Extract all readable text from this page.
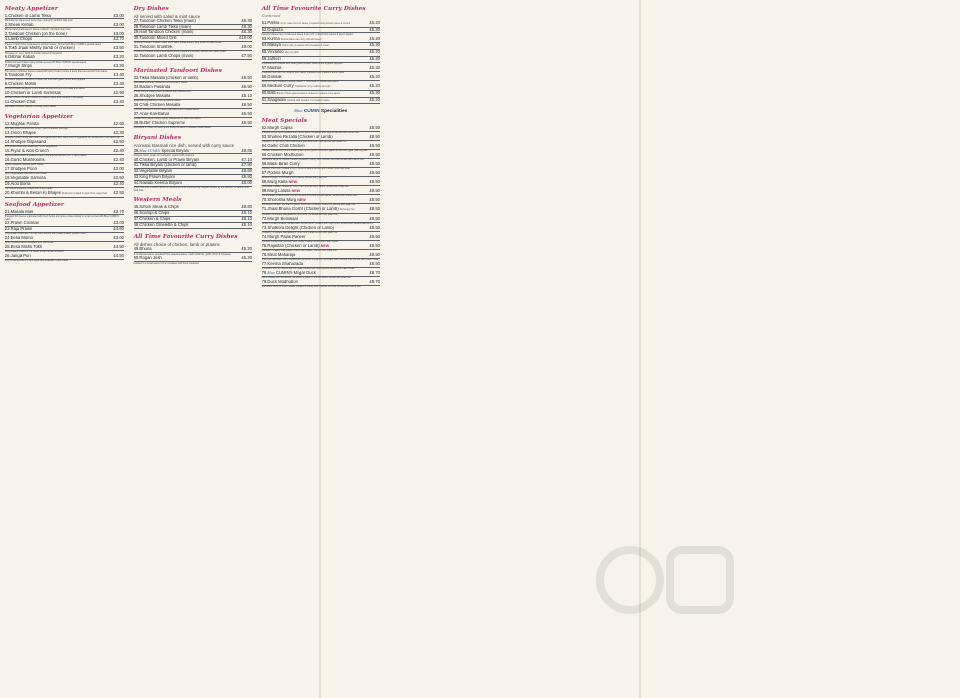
Meaty Appetizer
1.Chicken or Lamb Tikka	£3.00
Marinated in spices and herbs then cooked in tandoori clay oven
2.Sheek Kebab	£3.00
Minced lamb marinated in spices cooked in tandoori clay oven
3.Tandoori Chicken (on the bone)	£3.00
4.Lamb Chops	£3.70
Pieces of lamb chop marinated in tandoori sauce. Served with Blue CUMIN's special sauce
5.Tokh Jhaal Mishty (lamb or chicken)	£3.50
Hot sweet 'n' sour, lamb or chicken tossed in tamarind
6.Dilbhar Kabab	£3.20
Stuffed minced chicken spicy kebab served with Blue CUMIN's special sauce
7.Murgh Strips	£3.20
Thin strips of chicken pieces coated with spicy bread crumbs & deep fried served with mint sauce
8.Tandoori Fry	£3.40
Shredded pieces of tandoori chicken stir fried with garlic, onion and peppers
9.Chicken MoMo	£3.40
Minced chicken wrapped in soft bread served with crunchy salad and sauce
10.Chicken or Lamb Samosas	£2.90
Minced chicken or lamb cooked in medium spice and covered in filo pastry
11.Chicken Chat	£3.40
Marinated chicken tossed in a fruity, spicy sauce
Vegetarian Appetizer
12.Mughlai Parota	£2.60
Soft flaky pastry stuffed with onion, fresh coriander and egg
13.Onion Bhajee	£2.30
Chopped onion mixed with fresh herb spices and flour, deep fried in vegetable oil, served with mint sauce dip
14.Shobjee Dilpasand	£2.50
Soft potato filled with seasoned mixed vegetables
15.Piyaz & Aloo Crunch	£2.40
Lightly spiced onion & potatoes deep fried and served with hot 'n' spicy sauce
16.Garlic Mushrooms	£2.40
Lightly tossed in special garlic sauce
17.Shobjee Poori	£2.00
Spicy vegetables wrapped in puri bread
18.Vegetable Samosa	£2.50
19.Aloo Borra	£2.40
Thin sliced potatoes coated with crispy batter
20.Khumbi & Besan Ki Bhajee Mushroom coated in gram flour, deep fried £2.50
Seafood Appetizer
21.Masala Mas	£3.70
Pangash fish pieces marinated with fresh herbs and spice cooked slowly in a pan served with Blue CUMIN's relish
22.Prawn Cocktail	£3.00
23.Raja Prawn	£4.60
King prawn butterflied in a clay oven served with potato coated spinach balls
24.Eesa Momo	£3.00
Spicy minced prawns wrapped with soft bread
25.Eesa Mishti Tokh	£4.50
King prawns tossed in hot sweet & sour tamarind sauce
26.Janga Puri	£4.50
King prawns tossed in light spice and wrapped in puri bread
Dry Dishes
All served with salad & mint sauce
27.Tandoori Chicken Tikka (main)	£6.30
28.Tandoori Lamb Tikka (main)	£6.30
29.Half Tandoori Chicken (main)	£6.30
30.Tandoori Mixed Grill	£10.00
Tandoori chicken, chicken tikka, lamb tikka, sheek kebab, king prawn & naan bread
31.Tandoori Shashlik	£9.00
Chunks of chicken & lamb with sauté onion, peppers & tomato, served with naan bread
32.Tandoori Lamb Chops (main)	£7.50
Marinated Tandoori Dishes
33.Tikka Masalla (chicken or lamb)	£6.50
Marinated & further cooked in rich & creamy sauce
34.Badam Pasanda	£6.50
A mild fruity & creamy dish sprinkled with cashew nuts
35.Shobjee Masalla	£5.10
Seasonal vegetables in rich & creamy sauce
36.Chilli Chicken Masalla	£6.50
Chicken cooked in home made chilli sauce and masala sauce
37.Anar-Kali-Bahar	£6.50
Cooked with diced onions, lightly sweetened in thick mild sauce
38.Butter Chicken Supreme	£6.50
Marinated in butter & mixed spice further cooked in delicate cream sauce
Biryani Dishes
Aromatic Basmati rice dish, served with curry sauce
39.Blue CUMIN Special Biryani	£8.85
Chicken, lamb, prawn & mushroom, topped with omelette
40.Chicken, Lamb or Prawn Biryani	£7.10
41.Tikka Biryani (chicken or lamb)	£7.80
42.Vegetable Biryani	£6.60
43.King Prawn Biryani	£9.80
44.Nawabi Keema Biryani	£8.00
A rich rice dish in which mince is transformed into a wonderfully fragrant biryani by the addition of saffron and fried nuts
Western Meals
45.Sirloin Steak & Chips	£8.80
46.Scampi & Chips	£6.10
47.Chicken & Chips	£6.10
48.Chicken Omelette & Chips	£6.10
All Time Favourite Curry Dishes
All dishes choice of chicken, lamb or prawns
49.Bhuna	£5.20
A condensed sauce prepared from selected spices, fresh coriander, garlic onion & tomatoes
50.Rogan Josh	£5.20
Cooked in a moist sauce rich in tomatoes with fresh coriander
All Time Favourite Curry Dishes Continued
51.Pathia A hot, sweet & sour sauce, prepared using tomato puree & onions	£5.20
52.Dupiaza	£5.20
Dupiaza dishes have condensed sauce & are rich in diced fried onions & green pepper
53.Kurma Kurma dishes are very mild and sweet	£5.20
54.Malaya Fairly mild, prepared with pineapple & cream	£5.20
55.Vindaloo Very hot dish	£5.20
56.Jalfrezi	£5.20
A popular dish cooked with fresh green chillies, diced onion & green peppers
57.Madras	£5.20
A popular dish with hot, slightly sour taste, prepared with chillies & lemon juice
58.Dansak	£5.20
Fairly hot curry cooked in lentils, sweet 'n' sour taste in condensed sauce
59.Medium Curry Traditional curry medium strength	£5.20
60.Balti Blend of fresh ground spices cooked in medium curry sauce	£5.20
61.Saagwala Cooked with spinach in a medium sauce	£5.20
Blue CUMIN Specialities
Meat Specials
62.Murgh Capsa	£8.50
Chicken on the bone cooked with mixed spice, tomatoes and yoghurt served with cumin rice
63.Shahee Rezalla (Chicken or Lamb)	£8.50
Cooked in a rich spicy thick sauce and garnished with nuts served with pilau rice
64.Garlic Chilli Chicken	£8.50
Chicken cooked with home-made green spice (green chilli) and garlic served with gajar (carrot) pilau
65.Chicken Modhubon	£8.50
Succulent strips of chicken breasts cooked in honey and crushed red chilli served with carrot rice
66.Malai Biran Curry	£8.50
Chicken fried then cooked in rich, coconut sauce served with narikel (coconut) pilau
67.Podina Murgh	£8.50
Minced chicken in a creamy curry sauce served with pilau rice
68.Murg KallaNEW	£8.50
Marinated chicken cooked in chef's own special spicy sauce, served with Pilau rice
69.Murg LalusaNEW	£8.50
Combination of sliced and minced chicken in a thick tomato sauce, served with Cumin rice
70.Shorosha MurgNEW	£8.50
Shredded chicken, stir fried in garlic, herbs and mustard. Fairly dry, served with plain rice
71.Jhaal Bhuna Gosht (Chicken or Lamb) Extremely hot	£8.50
Cooked in a unique Bangladeshi citrus fruit, pureé served with plain rice
72.Murgh Bemisaal	£8.50
Tender chicken breasts, stuffed with minced lamb, cooked with fresh spice served with nawabi keema rice
73.Shatkora Delight (Chicken or Lamb)	£8.50
Cooked in a unique Bangladeshi citrus fruit, pureé served with plain rice
74.Murgh Palak Paneer	£8.50
Chicken cooked with spinach and Indian cheese served with naan bread
75.Rajastan (Chicken or Lamb)NEW	£8.50
Cooked in a fairly thick sauce (chef's own made), served with Pilau rice
76.Meat Maharaja	£8.50
A rich yet mild lamb curry cooked with almonds & yoghurt, sprinkled with crushed nuts served with mattor pilau
77.Keema Shahazada	£8.50
A medium dish of minced lamb & peas cooked with fresh spices served with naan bread
78.Blue CUMIN's Mojjar Duck	£8.70
Duck cooked with tomatoes, coriander & garlic in a thick sauce served with pilau rice
79.Duck Modhubon	£8.70
Succulent strips of duck breasts cooked in honey and crushed red chilli served with carrot rice
